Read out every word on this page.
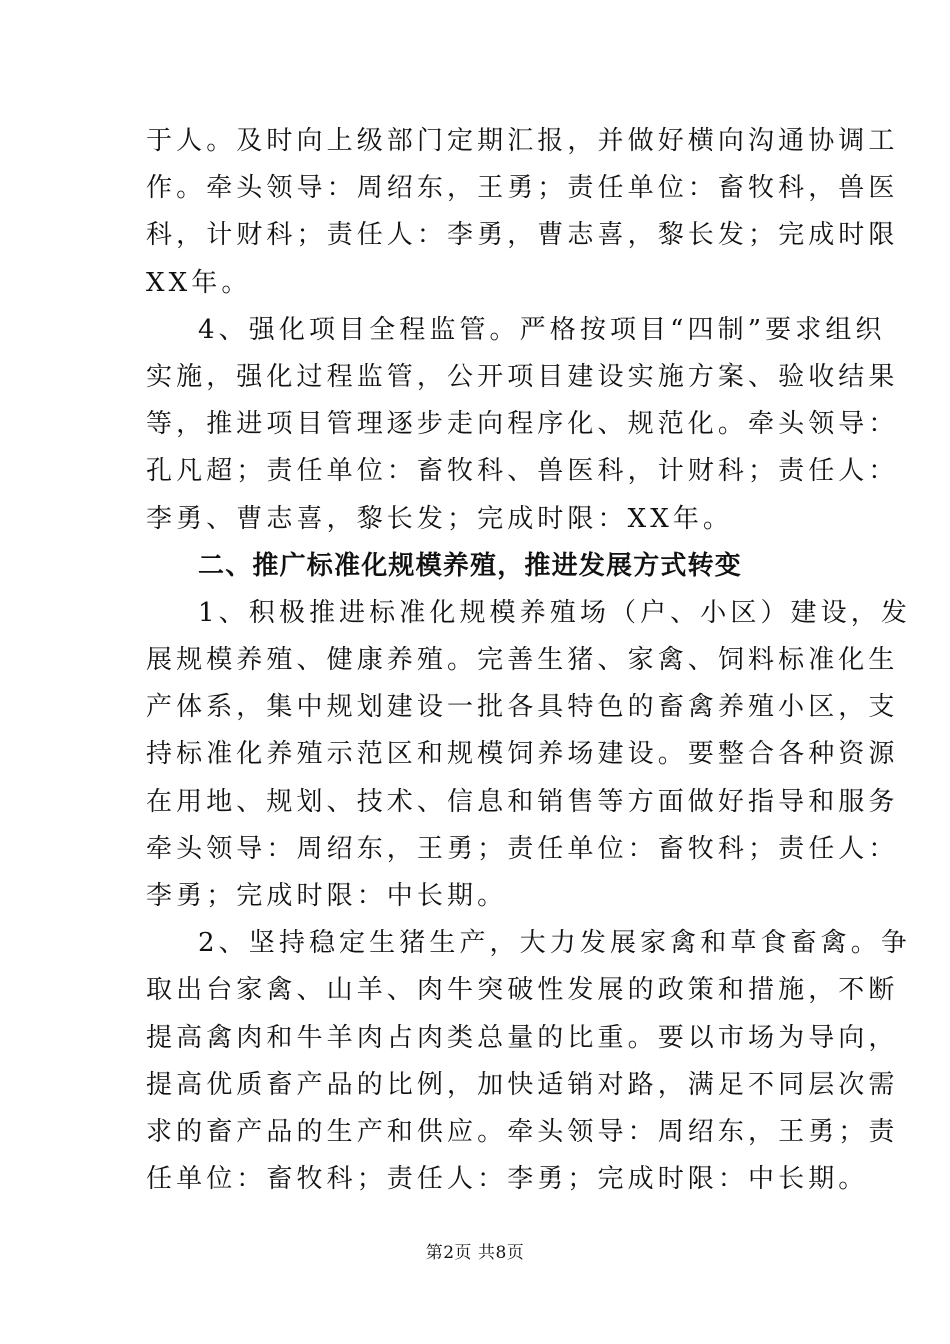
于人。及时向上级部门定期汇报，并做好横向沟通协调工
作。牵头领导：周绍东，王勇；责任单位：畜牧科，兽医
科，计财科；责任人：李勇，曹志喜，黎长发；完成时限
XX年。
4、强化项目全程监管。严格按项目“四制”要求组织
实施，强化过程监管，公开项目建设实施方案、验收结果
等，推进项目管理逐步走向程序化、规范化。牵头领导：
孔凡超；责任单位：畜牧科、兽医科，计财科；责任人：
李勇、曹志喜，黎长发；完成时限：XX年。
二、推广标准化规模养殖，推进发展方式转变
1、积极推进标准化规模养殖场（户、小区）建设，发
展规模养殖、健康养殖。完善生猪、家禽、饲料标准化生
产体系，集中规划建设一批各具特色的畜禽养殖小区，支
持标准化养殖示范区和规模饲养场建设。要整合各种资源
在用地、规划、技术、信息和销售等方面做好指导和服务
牵头领导：周绍东，王勇；责任单位：畜牧科；责任人：
李勇；完成时限：中长期。
2、坚持稳定生猪生产，大力发展家禽和草食畜禽。争
取出台家禽、山羊、肉牛突破性发展的政策和措施，不断
提高禽肉和牛羊肉占肉类总量的比重。要以市场为导向，
提高优质畜产品的比例，加快适销对路，满足不同层次需
求的畜产品的生产和供应。牵头领导：周绍东，王勇；责
任单位：畜牧科；责任人：李勇；完成时限：中长期。
第2页 共8页
